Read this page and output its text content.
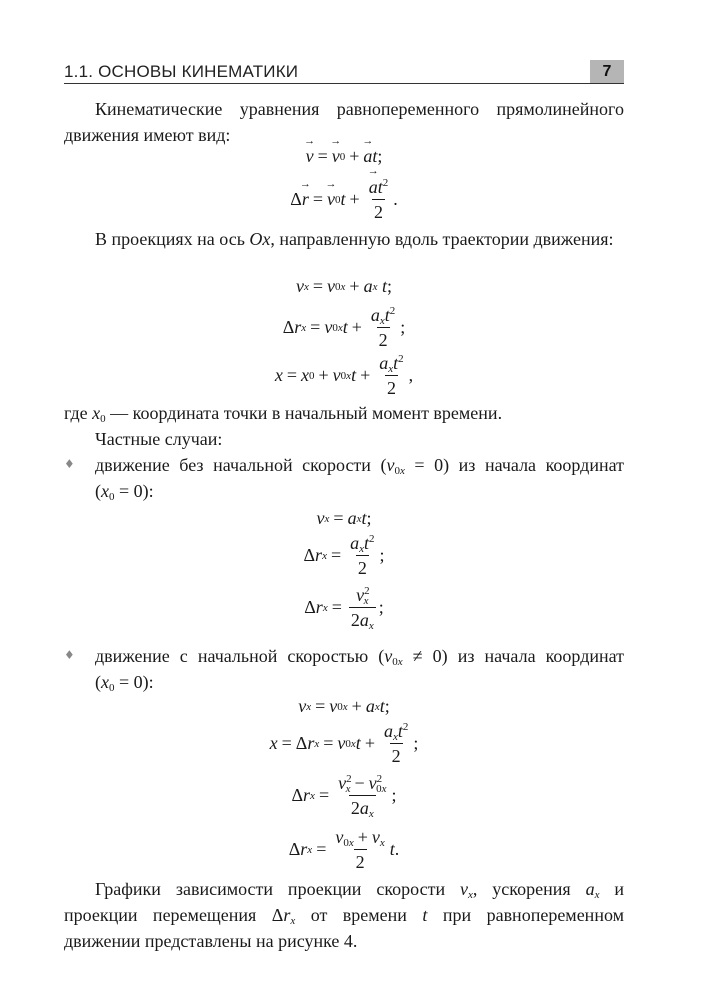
1.1. ОСНОВЫ КИНЕМАТИКИ	7

Кинематические уравнения равнопеременного прямолинейного движения имеют вид:

→ v = → v 0 + → a t ;
Δ → r = → v 0 t + → $\frac{at^2}{2}$ .

В проекциях на ось Ox, направленную вдоль траектории движения:

v x = v 0x + a x t ;
Δ r x = v 0x $t + \frac{a_xt^2}{2}$ ;
x = x 0 + v 0x $t + \frac{a_xt^2}{2}$ ,

где $x_0$ — координата точки в начальный момент времени.

Частные случаи:

♦ движение без начальной скорости $(v_{0x} = 0)$ из начала координат

$(x_0 = 0)$:
v x = a x t ;
Δ r $x = \frac{a_xt^2}{2}$ ;
Δ r $x = \frac{v^2_x}{2a_x}$ ;
♦ движение с начальной скоростью $(v_{0x} \ne 0)$ из начала координат

$(x_0 = 0)$:
v x = v 0x + a x t ;
x = Δ r x = v 0x $t + \frac{a_xt^2}{2}$ ;
Δ r $x = \frac{v^2_x - v^2_{0x}}{2a_x}$ ;
Δ r $x = \frac{v_{0x} + v_x}{2}$ t .

Графики зависимости проекции скорости $v_x$, ускорения $a_x$ и проекции перемещения $\Delta r_x$ от времени t при равнопеременном движении представлены на рисунке 4.
